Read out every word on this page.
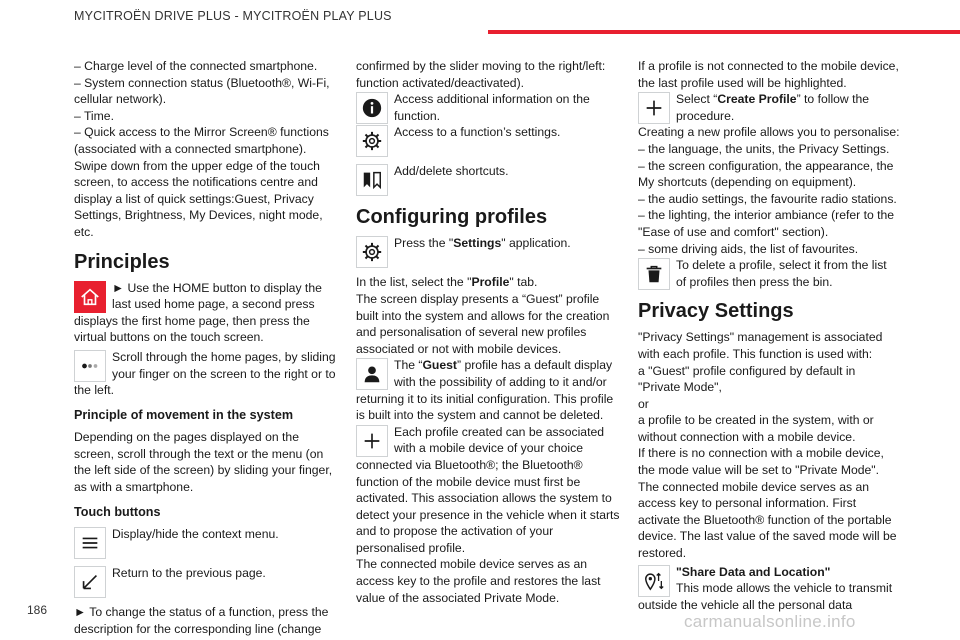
MYCITROËN DRIVE PLUS - MYCITROËN PLAY PLUS

– Charge level of the connected smartphone.

– System connection status (Bluetooth®, Wi-Fi, cellular network).

– Time.

– Quick access to the Mirror Screen® functions (associated with a connected smartphone).

Swipe down from the upper edge of the touch screen, to access the notifications centre and display a list of quick settings:Guest, Privacy Settings, Brightness, My Devices, night mode, etc.

Principles

► Use the HOME button to display the last used home page, a second press displays the first home page, then press the virtual buttons on the touch screen.

Scroll through the home pages, by sliding your finger on the screen to the right or to the left.

Principle of movement in the system

Depending on the pages displayed on the screen, scroll through the text or the menu (on the left side of the screen) by sliding your finger, as with a smartphone.

Touch buttons

Display/hide the context menu.

Return to the previous page.

► To change the status of a function, press the description for the corresponding line (change

confirmed by the slider moving to the right/left: function activated/deactivated).

Access additional information on the function.

Access to a function’s settings.

Add/delete shortcuts.

Configuring profiles

Press the "Settings" application.

In the list, select the "Profile" tab.

The screen display presents a “Guest” profile built into the system and allows for the creation and personalisation of several new profiles associated or not with mobile devices.

The “Guest” profile has a default display with the possibility of adding to it and/or returning it to its initial configuration. This profile is built into the system and cannot be deleted.

Each profile created can be associated with a mobile device of your choice connected via Bluetooth®; the Bluetooth® function of the mobile device must first be activated. This association allows the system to detect your presence in the vehicle when it starts and to propose the activation of your personalised profile.

The connected mobile device serves as an access key to the profile and restores the last value of the associated Private Mode.

If a profile is not connected to the mobile device, the last profile used will be highlighted.

Select “Create Profile” to follow the procedure.

Creating a new profile allows you to personalise:

– the language, the units, the Privacy Settings.

– the screen configuration, the appearance, the My shortcuts (depending on equipment).

– the audio settings, the favourite radio stations.

– the lighting, the interior ambiance (refer to the "Ease of use and comfort" section).

– some driving aids, the list of favourites.

To delete a profile, select it from the list of profiles then press the bin.

Privacy Settings

"Privacy Settings" management is associated with each profile. This function is used with:

a "Guest" profile configured by default in "Private Mode",

or

a profile to be created in the system, with or without connection with a mobile device.

If there is no connection with a mobile device, the mode value will be set to "Private Mode".

The connected mobile device serves as an access key to personal information. First activate the Bluetooth® function of the portable device. The last value of the saved mode will be restored.

"Share Data and Location"

This mode allows the vehicle to transmit outside the vehicle all the personal data

186
carmanualsonline.info
